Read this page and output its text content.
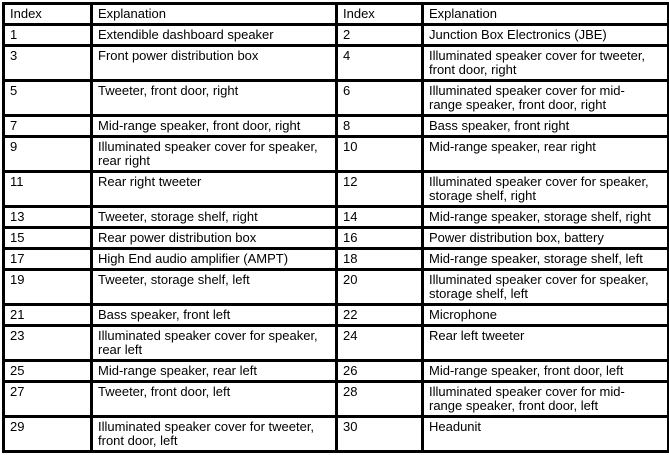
Index	Explanation	Index	Explanation
1	Extendible dashboard speaker	2	Junction Box Electronics (JBE)
3	Front power distribution box	4	Illuminated speaker cover for tweeter, front door, right
5	Tweeter, front door, right	6	Illuminated speaker cover for mid-range speaker, front door, right
7	Mid-range speaker, front door, right	8	Bass speaker, front right
9	Illuminated speaker cover for speaker, rear right	10	Mid-range speaker, rear right
11	Rear right tweeter	12	Illuminated speaker cover for speaker, storage shelf, right
13	Tweeter, storage shelf, right	14	Mid-range speaker, storage shelf, right
15	Rear power distribution box	16	Power distribution box, battery
17	High End audio amplifier (AMPT)	18	Mid-range speaker, storage shelf, left
19	Tweeter, storage shelf, left	20	Illuminated speaker cover for speaker, storage shelf, left
21	Bass speaker, front left	22	Microphone
23	Illuminated speaker cover for speaker, rear left	24	Rear left tweeter
25	Mid-range speaker, rear left	26	Mid-range speaker, front door, left
27	Tweeter, front door, left	28	Illuminated speaker cover for mid-range speaker, front door, left
29	Illuminated speaker cover for tweeter, front door, left	30	Headunit
